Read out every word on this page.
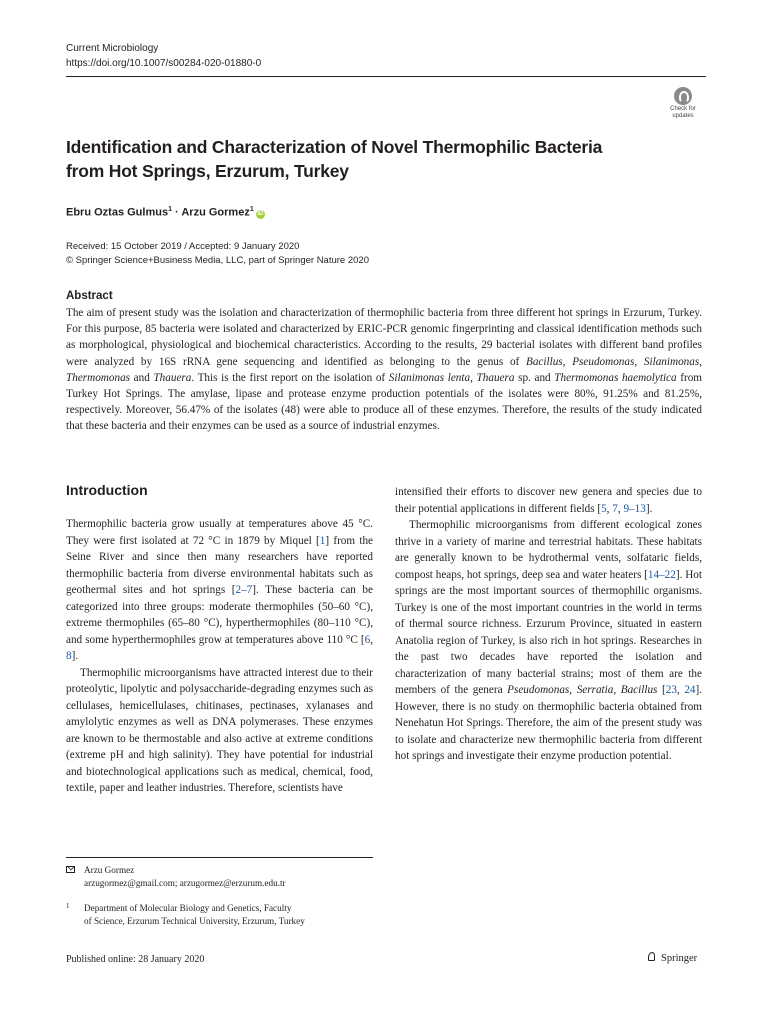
Current Microbiology
https://doi.org/10.1007/s00284-020-01880-0
Check for
updates
Identification and Characterization of Novel Thermophilic Bacteria
from Hot Springs, Erzurum, Turkey
Ebru Oztas Gulmus$^1$ · Arzu Gormez$^1$iD
Received: 15 October 2019 / Accepted: 9 January 2020
© Springer Science+Business Media, LLC, part of Springer Nature 2020
Abstract
The aim of present study was the isolation and characterization of thermophilic bacteria from three different hot springs in Erzurum, Turkey. For this purpose, 85 bacteria were isolated and characterized by ERIC-PCR genomic fingerprinting and classical identification methods such as morphological, physiological and biochemical characteristics. According to the results, 29 bacterial isolates with different band profiles were analyzed by 16S rRNA gene sequencing and identified as belonging to the genus of Bacillus, Pseudomonas, Silanimonas, Thermomonas and Thauera. This is the first report on the isolation of Silanimonas lenta, Thauera sp. and Thermomonas haemolytica from Turkey Hot Springs. The amylase, lipase and protease enzyme production potentials of the isolates were 80%, 91.25% and 81.25%, respectively. Moreover, 56.47% of the isolates (48) were able to produce all of these enzymes. Therefore, the results of the study indicated that these bacteria and their enzymes can be used as a source of industrial enzymes.
Introduction

Thermophilic bacteria grow usually at temperatures above 45 °C. They were first isolated at 72 °C in 1879 by Miquel [1] from the Seine River and since then many researchers have reported thermophilic bacteria from diverse environmental habitats such as geothermal sites and hot springs [2–7]. These bacteria can be categorized into three groups: moderate thermophiles (50–60 °C), extreme thermophiles (65–80 °C), hyperthermophiles (80–110 °C), and some hyperthermophiles grow at temperatures above 110 °C [6, 8].

Thermophilic microorganisms have attracted interest due to their proteolytic, lipolytic and polysaccharide-degrading enzymes such as cellulases, hemicellulases, chitinases, pectinases, xylanases and amylolytic enzymes as well as DNA polymerases. These enzymes are known to be thermostable and also active at extreme conditions (extreme pH and high salinity). They have potential for industrial and biotechnological applications such as medical, chemical, food, textile, paper and leather industries. Therefore, scientists have

intensified their efforts to discover new genera and species due to their potential applications in different fields [5, 7, 9–13].

Thermophilic microorganisms from different ecological zones thrive in a variety of marine and terrestrial habitats. These habitats are generally known to be hydrothermal vents, solfataric fields, compost heaps, hot springs, deep sea and water heaters [14–22]. Hot springs are the most important sources of thermophilic organisms. Turkey is one of the most important countries in the world in terms of thermal source richness. Erzurum Province, situated in eastern Anatolia region of Turkey, is also rich in hot springs. Researches in the past two decades have reported the isolation and characterization of many bacterial strains; most of them are the members of the genera Pseudomonas, Serratia, Bacillus [23, 24]. However, there is no study on thermophilic bacteria obtained from Nenehatun Hot Springs. Therefore, the aim of the present study was to isolate and characterize new thermophilic bacteria from different hot springs and investigate their enzyme production potential.

Arzu Gormez
arzugormez@gmail.com; arzugormez@erzurum.edu.tr
1 Department of Molecular Biology and Genetics, Faculty
of Science, Erzurum Technical University, Erzurum, Turkey
Published online: 28 January 2020	Springer
